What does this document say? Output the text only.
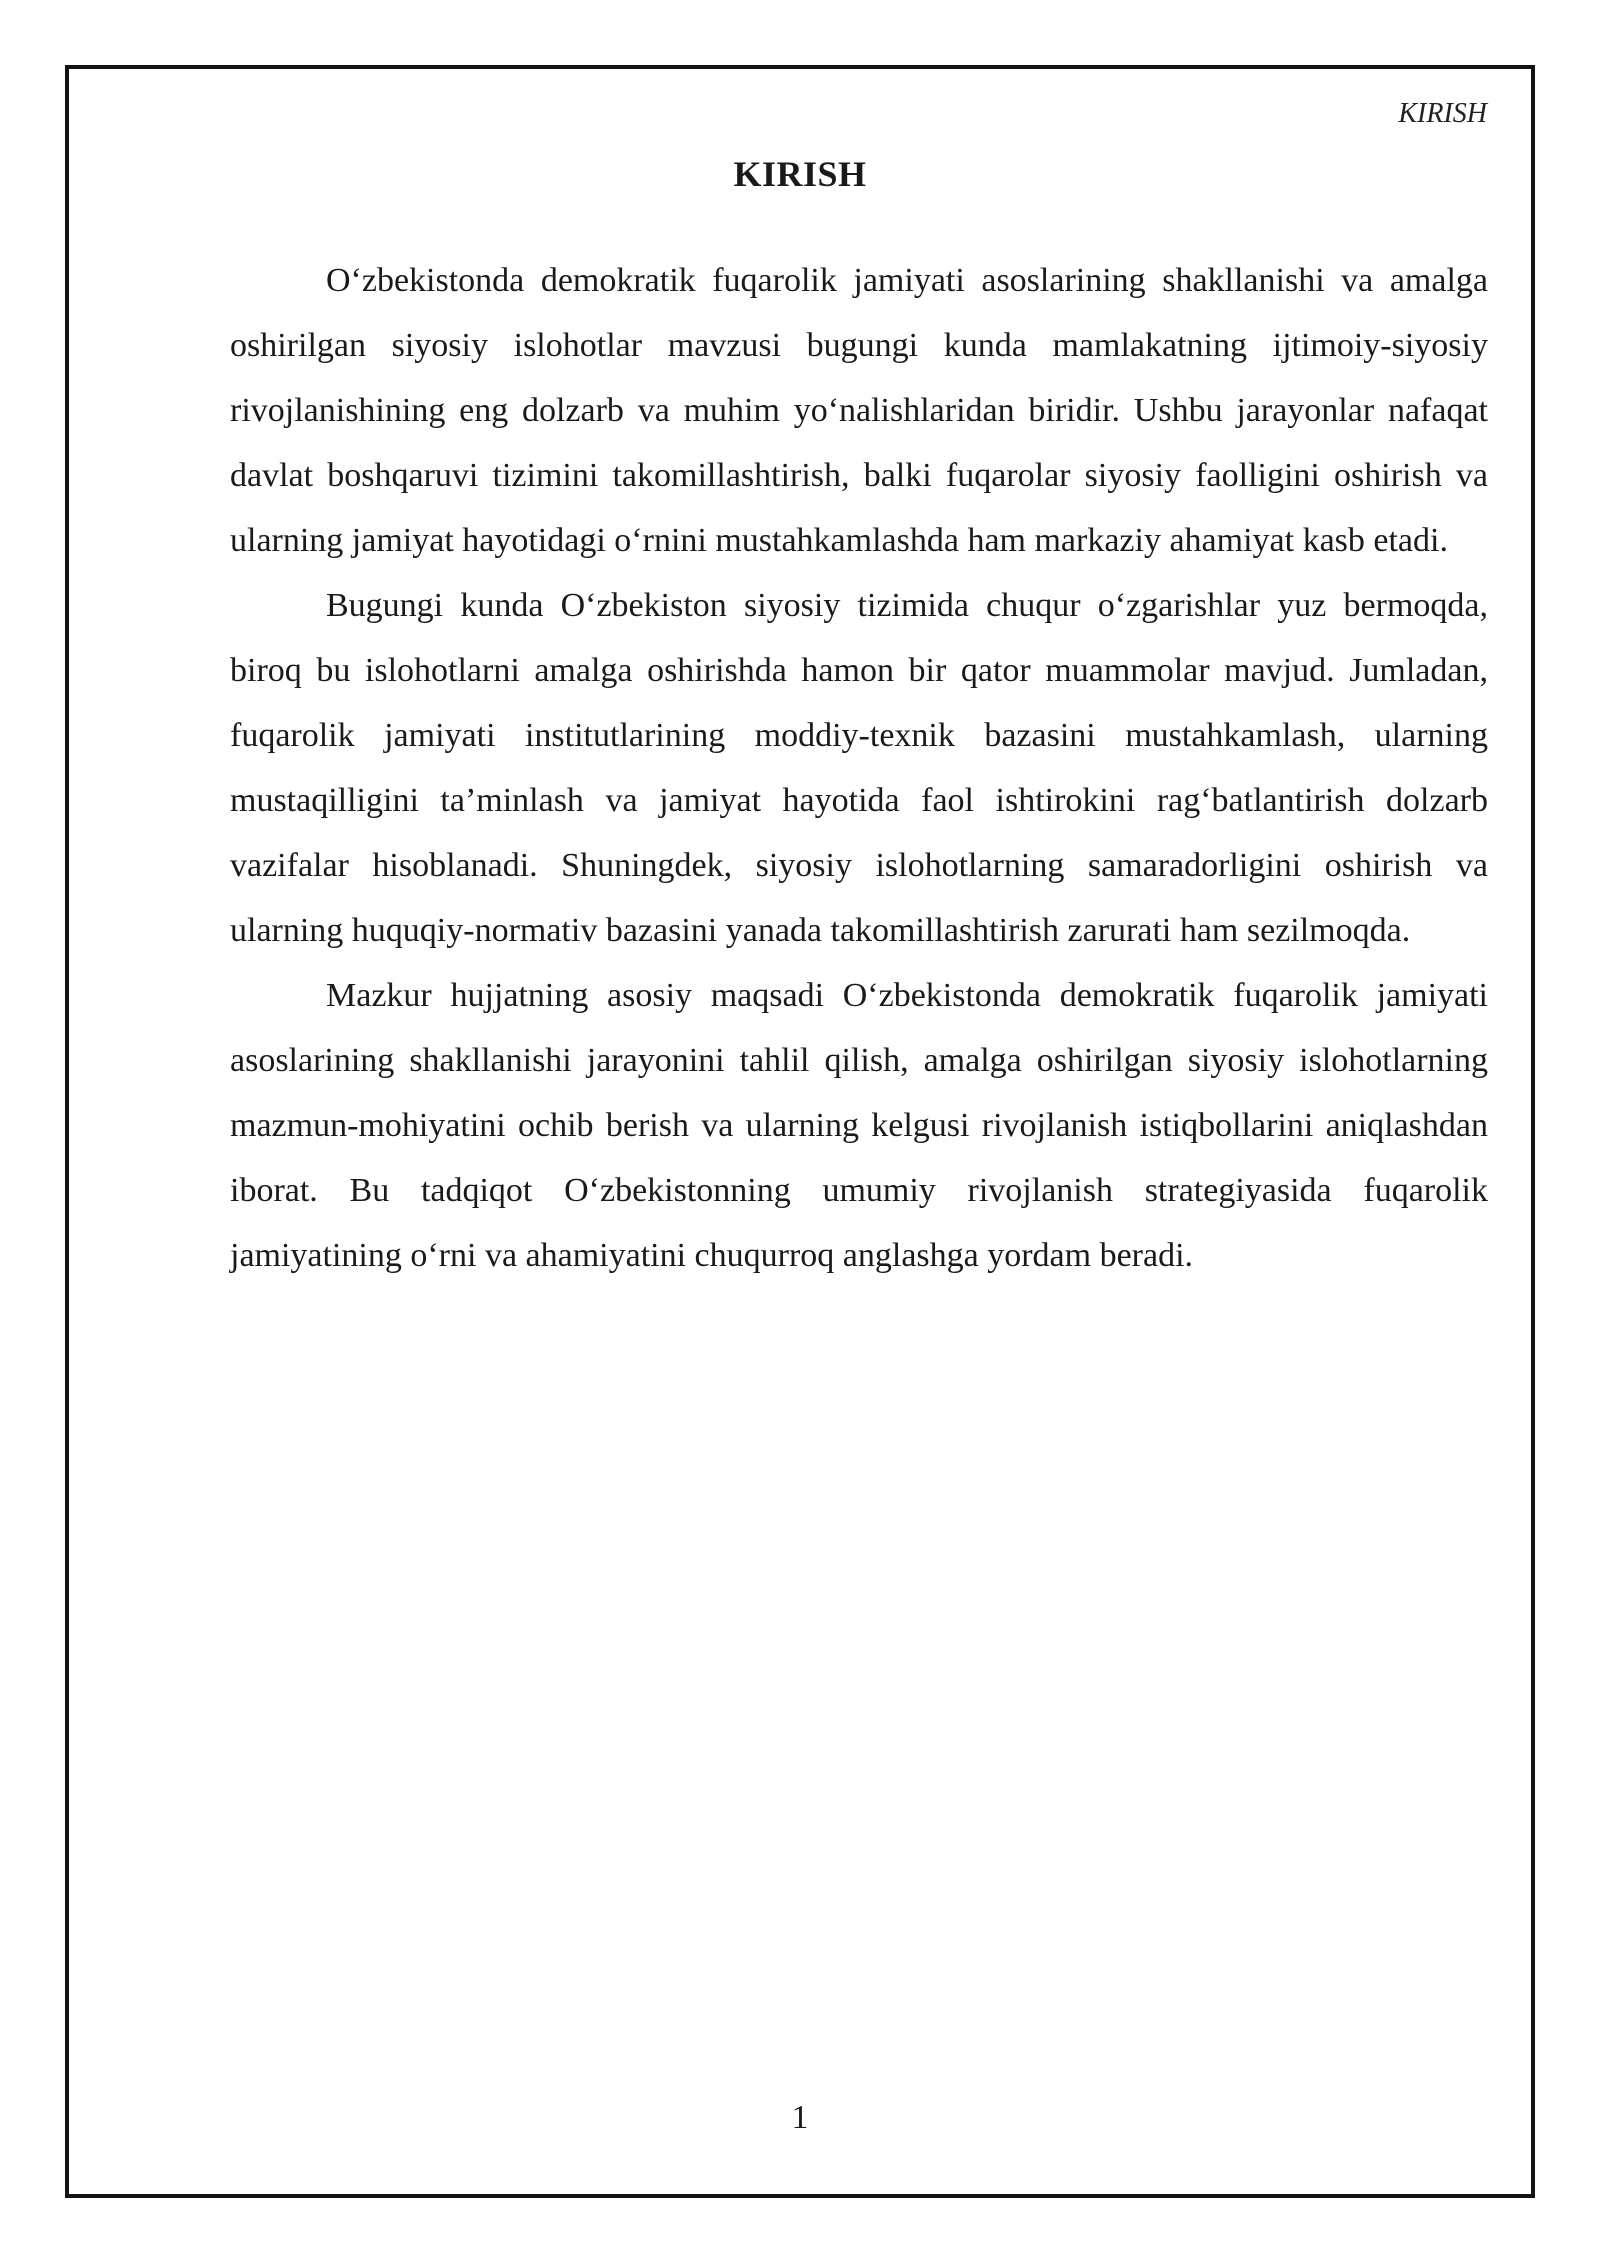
KIRISH

KIRISH

O‘zbekistonda demokratik fuqarolik jamiyati asoslarining shakllanishi va amalga oshirilgan siyosiy islohotlar mavzusi bugungi kunda mamlakatning ijtimoiy-siyosiy rivojlanishining eng dolzarb va muhim yo‘nalishlaridan biridir. Ushbu jarayonlar nafaqat davlat boshqaruvi tizimini takomillashtirish, balki fuqarolar siyosiy faolligini oshirish va ularning jamiyat hayotidagi o‘rnini mustahkamlashda ham markaziy ahamiyat kasb etadi.

Bugungi kunda O‘zbekiston siyosiy tizimida chuqur o‘zgarishlar yuz bermoqda, biroq bu islohotlarni amalga oshirishda hamon bir qator muammolar mavjud. Jumladan, fuqarolik jamiyati institutlarining moddiy-texnik bazasini mustahkamlash, ularning mustaqilligini ta’minlash va jamiyat hayotida faol ishtirokini rag‘batlantirish dolzarb vazifalar hisoblanadi. Shuningdek, siyosiy islohotlarning samaradorligini oshirish va ularning huquqiy-normativ bazasini yanada takomillashtirish zarurati ham sezilmoqda.

Mazkur hujjatning asosiy maqsadi O‘zbekistonda demokratik fuqarolik jamiyati asoslarining shakllanishi jarayonini tahlil qilish, amalga oshirilgan siyosiy islohotlarning mazmun-mohiyatini ochib berish va ularning kelgusi rivojlanish istiqbollarini aniqlashdan iborat. Bu tadqiqot O‘zbekistonning umumiy rivojlanish strategiyasida fuqarolik jamiyatining o‘rni va ahamiyatini chuqurroq anglashga yordam beradi.

1
